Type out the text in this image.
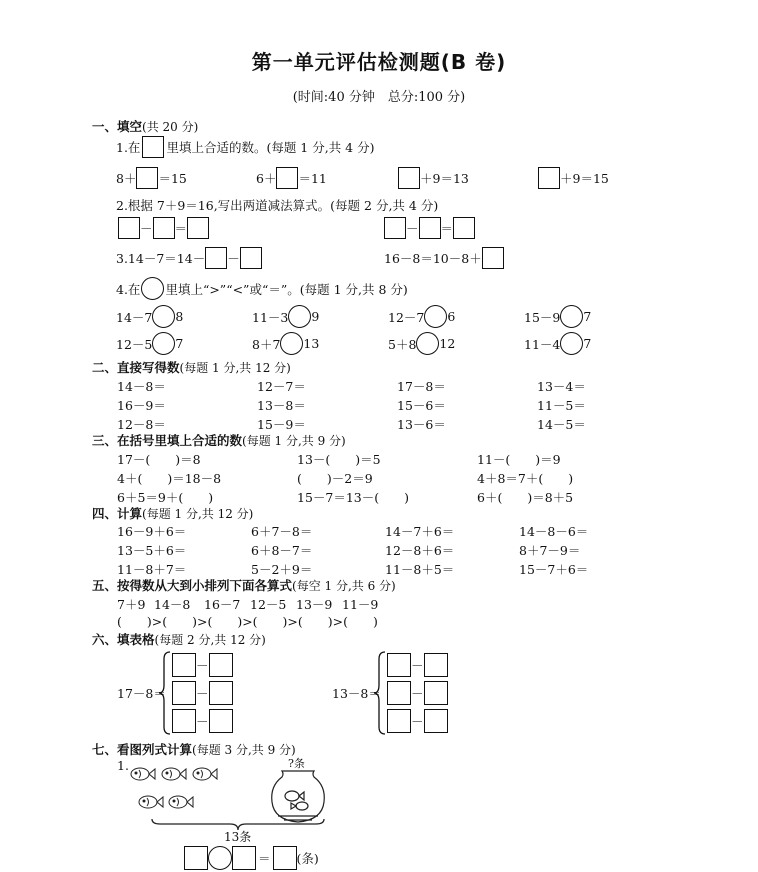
第一单元评估检测题(B 卷)
(时间:40 分钟　总分:100 分)
一、填空(共 20 分)
1.在 里填上合适的数。(每题 1 分,共 4 分)
8＋ ＝15	6＋ ＝11	＋9＝13	＋9＝15
2.根据 7＋9＝16,写出两道减法算式。(每题 2 分,共 4 分)
－ ＝	－ ＝
3.14－7＝14－ －	16－8＝10－8＋
4.在 里填上“>”“<”或“＝”。(每题 1 分,共 8 分)
14－7 8	11－3 9	12－7 6	15－9 7
12－5 7	8＋7 13	5＋8 12	11－4 7
二、直接写得数(每题 1 分,共 12 分)
14－8＝	12－7＝	17－8＝	13－4＝
16－9＝	13－8＝	15－6＝	11－5＝
12－8＝	15－9＝	13－6＝	14－5＝
三、在括号里填上合适的数(每题 1 分,共 9 分)
17－(　　)＝8	13－(　　)＝5	11－(　　)＝9
4＋(　　)＝18－8	(　　)－2＝9	4＋8＝7＋(　　)
6＋5＝9＋(　　)	15－7＝13－(　　)	6＋(　　)＝8＋5
四、计算(每题 1 分,共 12 分)
16－9＋6＝	6＋7－8＝	14－7＋6＝	14－8－6＝
13－5＋6＝	6＋8－7＝	12－8＋6＝	8＋7－9＝
11－8＋7＝	5－2＋9＝	11－8＋5＝	15－7＋6＝
五、按得数从大到小排列下面各算式(每空 1 分,共 6 分)
7＋9 14－8 16－7 12－5 13－9 11－9
(　　)>(　　)>(　　)>(　　)>(　　)>(　　)
六、填表格(每题 2 分,共 12 分)
17－8＝
－
－
－
13－8＝
－
－
－
七、看图列式计算(每题 3 分,共 9 分)
1.	?条
13条
＝ (条)
